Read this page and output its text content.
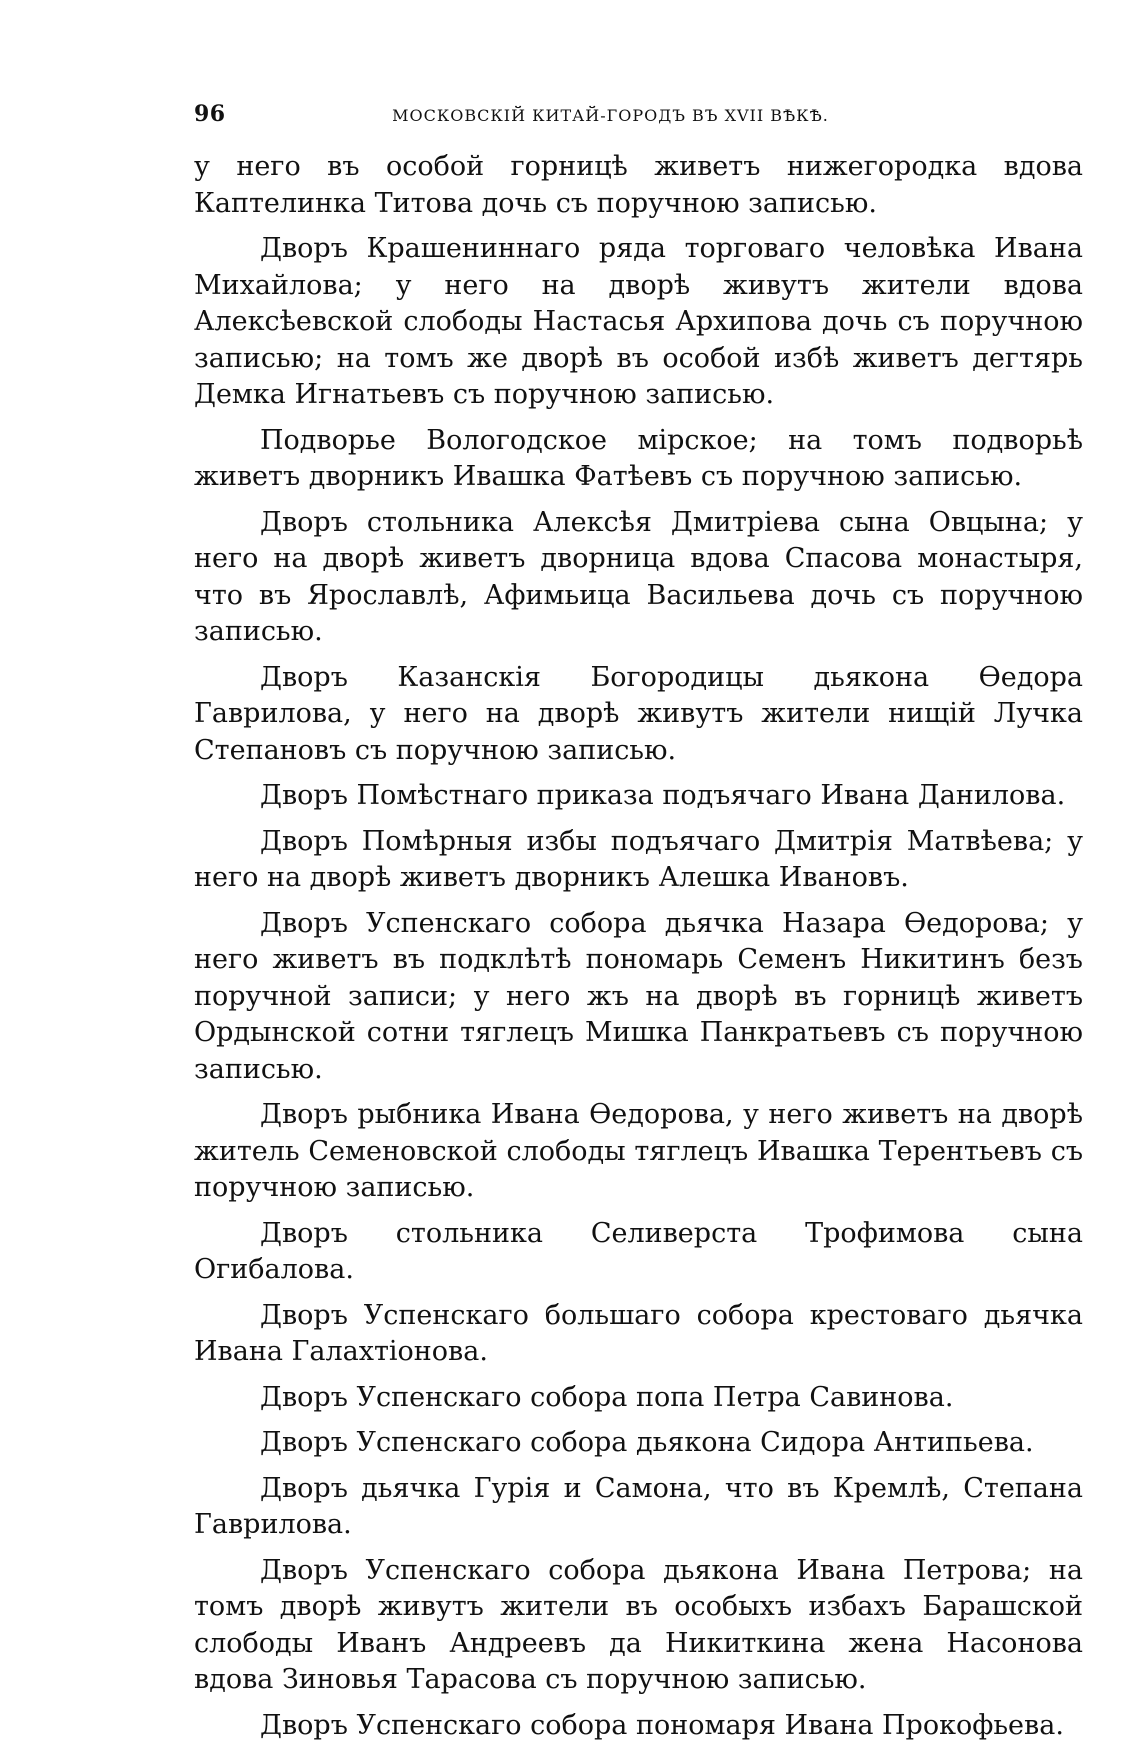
96	МОСКОВСКІЙ КИТАЙ-ГОРОДЪ ВЪ XVII ВѢКѢ.

у него въ особой горницѣ живетъ нижегородка вдова Каптелинка Титова дочь съ поручною записью.

Дворъ Крашениннаго ряда торговаго человѣка Ивана Михайлова; у него на дворѣ живутъ жители вдова Алексѣевской слободы Настасья Архипова дочь съ поручною записью; на томъ же дворѣ въ особой избѣ живетъ дегтярь Демка Игнатьевъ съ поручною записью.

Подворье Вологодское мірское; на томъ подворьѣ живетъ дворникъ Ивашка Фатѣевъ съ поручною записью.

Дворъ стольника Алексѣя Дмитріева сына Овцына; у него на дворѣ живетъ дворница вдова Спасова монастыря, что въ Ярославлѣ, Афимьица Васильева дочь съ поручною записью.

Дворъ Казанскія Богородицы дьякона Ѳедора Гаврилова, у него на дворѣ живутъ жители нищій Лучка Степановъ съ поручною записью.

Дворъ Помѣстнаго приказа подъячаго Ивана Данилова.

Дворъ Помѣрныя избы подъячаго Дмитрія Матвѣева; у него на дворѣ живетъ дворникъ Алешка Ивановъ.

Дворъ Успенскаго собора дьячка Назара Ѳедорова; у него живетъ въ подклѣтѣ пономарь Семенъ Никитинъ безъ поручной записи; у него жъ на дворѣ въ горницѣ живетъ Ордынской сотни тяглецъ Мишка Панкратьевъ съ поручною записью.

Дворъ рыбника Ивана Ѳедорова, у него живетъ на дворѣ житель Семеновской слободы тяглецъ Ивашка Терентьевъ съ поручною записью.

Дворъ стольника Селиверста Трофимова сына Огибалова.

Дворъ Успенскаго большаго собора крестоваго дьячка Ивана Галахтіонова.

Дворъ Успенскаго собора попа Петра Савинова.

Дворъ Успенскаго собора дьякона Сидора Антипьева.

Дворъ дьячка Гурія и Самона, что въ Кремлѣ, Степана Гаврилова.

Дворъ Успенскаго собора дьякона Ивана Петрова; на томъ дворѣ живутъ жители въ особыхъ избахъ Барашской слободы Иванъ Андреевъ да Никиткина жена Насонова вдова Зиновья Тарасова съ поручною записью.

Дворъ Успенскаго собора пономаря Ивана Прокофьева.
